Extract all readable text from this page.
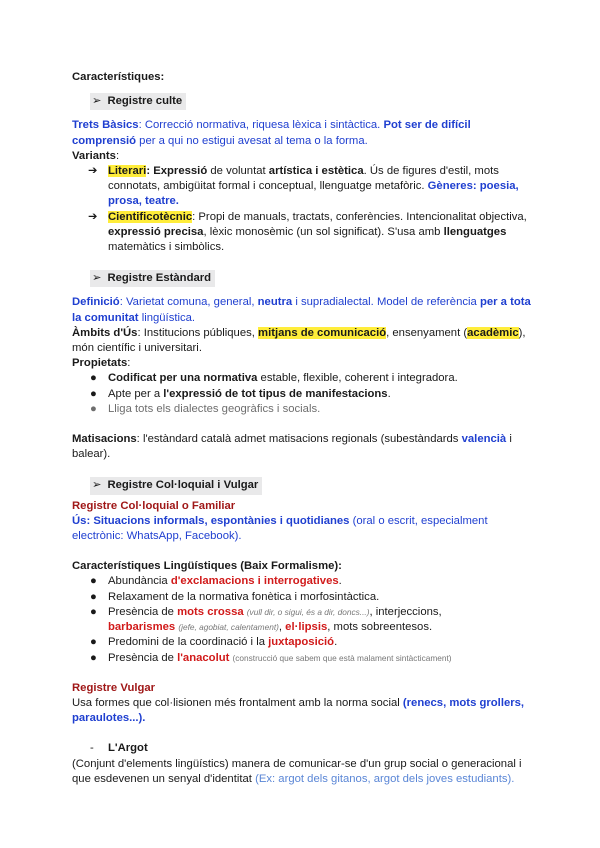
Característiques:
➢ Registre culte
Trets Bàsics: Correcció normativa, riquesa lèxica i sintàctica. Pot ser de difícil
comprensió per a qui no estigui avesat al tema o la forma.
Variants:
➔ Literari: Expressió de voluntat artística i estètica. Ús de figures d'estil, mots
connotats, ambigüitat formal i conceptual, llenguatge metafòric. Gèneres: poesia,
prosa, teatre.
➔ Cientificotècnic: Propi de manuals, tractats, conferències. Intencionalitat objectiva,
expressió precisa, lèxic monosèmic (un sol significat). S'usa amb llenguatges
matemàtics i simbòlics.
➢ Registre Estàndard
Definició: Varietat comuna, general, neutra i supradialectal. Model de referència per a tota
la comunitat lingüística.
Àmbits d'Ús: Institucions públiques, mitjans de comunicació, ensenyament (acadèmic),
món científic i universitari.
Propietats:
● Codificat per una normativa estable, flexible, coherent i integradora.
● Apte per a l'expressió de tot tipus de manifestacions.
● Lliga tots els dialectes geogràfics i socials.
Matisacions: l'estàndard català admet matisacions regionals (subestàndards valencià i
balear).
➢ Registre Col·loquial i Vulgar
Registre Col·loquial o Familiar
Ús: Situacions informals, espontànies i quotidianes (oral o escrit, especialment
electrònic: WhatsApp, Facebook).
Característiques Lingüístiques (Baix Formalisme):
● Abundància d'exclamacions i interrogatives.
● Relaxament de la normativa fonètica i morfosintàctica.
● Presència de mots crossa (vull dir, o sigui, és a dir, doncs...), interjeccions,
barbarismes (jefe, agobiat, calentament), el·lipsis, mots sobreentesos.
● Predomini de la coordinació i la juxtaposició.
● Presència de l'anacolut (construcció que sabem que està malament sintàcticament)
Registre Vulgar
Usa formes que col·lisionen més frontalment amb la norma social (renecs, mots grollers,
paraulotes...).
- L'Argot
(Conjunt d'elements lingüístics) manera de comunicar-se d'un grup social o generacional i
que esdevenen un senyal d'identitat (Ex: argot dels gitanos, argot dels joves estudiants).
